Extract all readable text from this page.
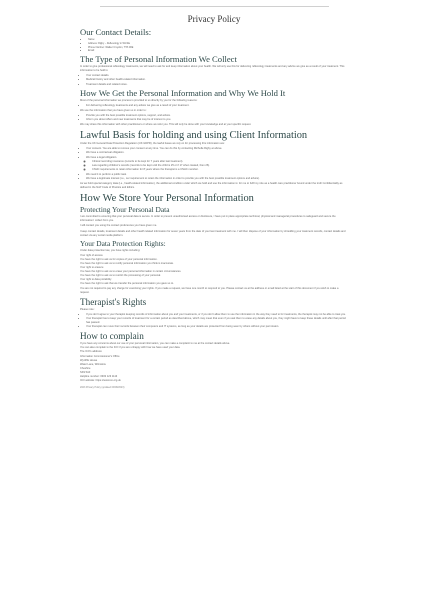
Privacy Policy
Our Contact Details:
• Name:
• Address: Rigby – Reflexology in Wirrilla
• Phone Number: Walker Croydon, TT8 4RE
• Email:
The Type of Personal Information We Collect

In order to give professional reflexology treatments, we will need to ask for and keep information about your health. We will only use this for delivering reflexology treatments and any advice we give as a result of your treatment. This information to be held is:

• Your contact details.
• Medical history and other health-related information.
• Treatment details and related notes.
How We Get the Personal Information and Why We Hold It

Most of the personal information we process is provided to us directly by you for the following reasons:

• For delivering reflexology treatments and any advice we give as a result of your treatment.

We use the information that you have given us in order to:

• Provide you with the best possible treatment options, support, and advice.
• Inform you about offers and new treatments that may be of interest to you.

We may share this information with other practitioners or where we refer you. This will only be done with your knowledge and at your specific request.

Lawful Basis for holding and using Client Information

Under the UK General Data Protection Regulation (UK GDPR), the lawful bases we rely on for processing this information are:

• Your consent. You are able to remove your consent at any time. You can do this by contacting Michelle Rigby at above.
• We have a contractual obligation.
• We have a legal obligation.
◦ Clinical recording insurance (records to be kept for 7 years after last treatment).
◦ Law regarding children's records (records to be kept until the child is 25 or if 17 when treated, then 26).
◦ CNHC requirements to retain information for 8 years where the therapist is a CNHC member.
• We need it to perform a public task.
• We have a legitimate interest (i.e., our requirement to retain the information in order to provide you with the best possible treatment options and advice).

As we hold special category data (i.e., health-related information), the additional condition under which we hold and use the information is: for me to fulfil my role as a health care practitioner bound under the truth Confidentiality as defined in the NoP Code of Practice and Ethics.

How We Store Your Personal Information
Protecting Your Personal Data

I am committed to ensuring that your personal data is secure. In order to prevent unauthorised access or disclosure, I have put in place appropriate technical, physical and managerial procedures to safeguard and secure the information I collect from you.

I will contact you using the contact preferences you have given me.

I keep contact details, treatment details and other health related information for seven years from the date of your last treatment with me. I will then dispose of your information by shredding your treatment records, contact details and contact via any social media platform.

Your Data Protection Rights:

Under data protection law, you have rights including:

Your right of access

You have the right to ask us for copies of your personal information.

You have the right to ask us to rectify personal information you think is inaccurate.

Your right to erasure

You have the right to ask us to erase your personal information in certain circumstances.

You have the right to ask us to restrict the processing of your personal.

Your right to data portability

You have the right to ask that we transfer the personal information you gave us to.

You are not required to pay any charge for exercising your rights. If you make a request, we have one month to respond to you. Please contact us at the address or email listed at the start of this document if you wish to make a request.

Therapist's Rights

Please note:

• If you don't agree to your therapist keeping records of information about you and your treatments, or if you don't allow them to use the information in the way they need to for treatments, the therapist may not be able to treat you.
• Your therapist has to keep your records of treatment for a certain period as described above, which may mean that even if you ask them to erase any details about you, they might have to keep these details until after that period has passed.
• Your therapist can move their records between their computers and IT systems, as long as your details are protected from being seen by others without your permission.
How to complain

If you have any concerns about our use of your personal information, you can make a complaint to me at the contact details above.

You can also complain to the ICO if you are unhappy with how we have used your data.

The ICO's address:

Information Commissioner's Office

Wycliffe House

Water Lane, Wilmslow

Cheshire

SK9 5AF

Helpline number: 0303 123 1113

ICO website: https://www.ico.org.uk

2023 Privacy Policy (updated 09/08/2023)
